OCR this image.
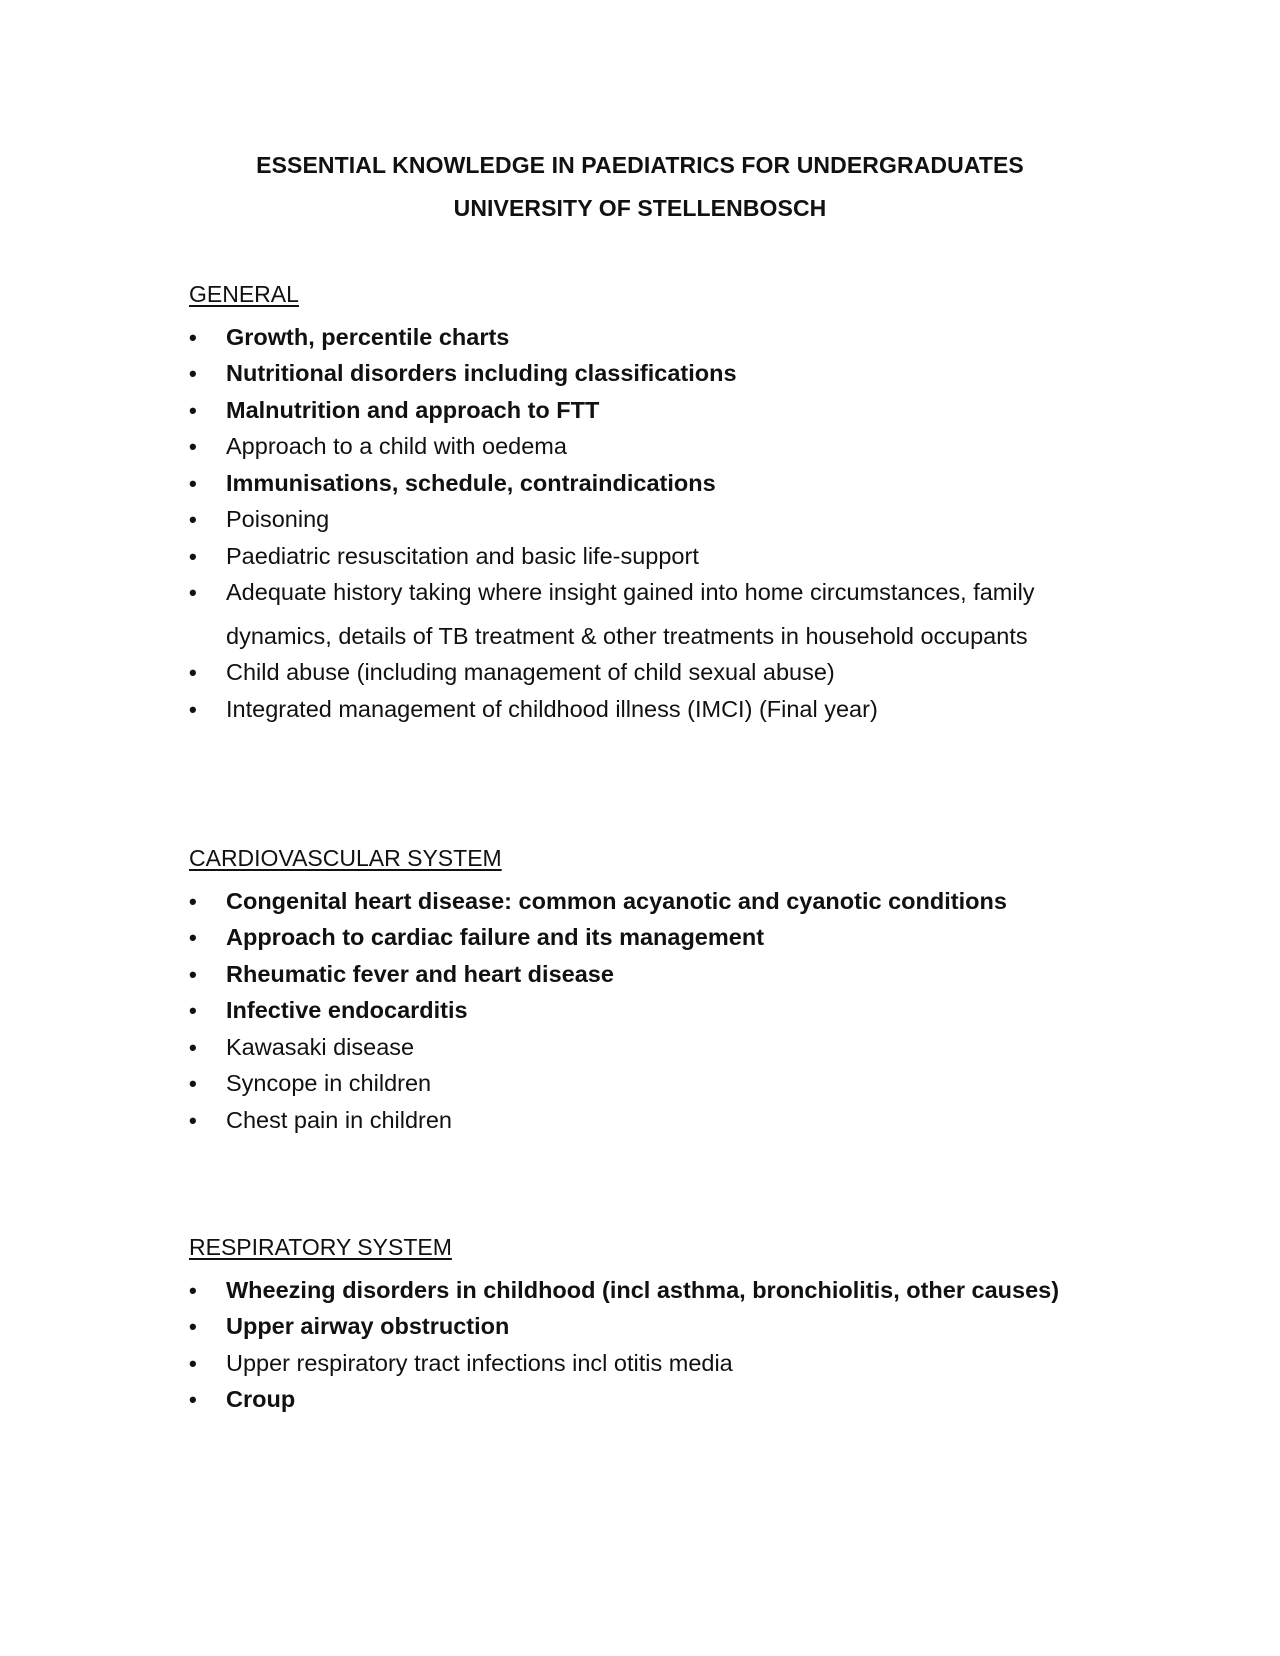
ESSENTIAL KNOWLEDGE IN PAEDIATRICS FOR UNDERGRADUATES
UNIVERSITY OF STELLENBOSCH
GENERAL
• Growth, percentile charts
• Nutritional disorders including classifications
• Malnutrition and approach to FTT
• Approach to a child with oedema
• Immunisations, schedule, contraindications
• Poisoning
• Paediatric resuscitation and basic life-support
• Adequate history taking where insight gained into home circumstances, family dynamics, details of TB treatment & other treatments in household occupants
• Child abuse (including management of child sexual abuse)
• Integrated management of childhood illness (IMCI) (Final year)
CARDIOVASCULAR SYSTEM
• Congenital heart disease: common acyanotic and cyanotic conditions
• Approach to cardiac failure and its management
• Rheumatic fever and heart disease
• Infective endocarditis
• Kawasaki disease
• Syncope in children
• Chest pain in children
RESPIRATORY SYSTEM
• Wheezing disorders in childhood (incl asthma, bronchiolitis, other causes)
• Upper airway obstruction
• Upper respiratory tract infections incl otitis media
• Croup
